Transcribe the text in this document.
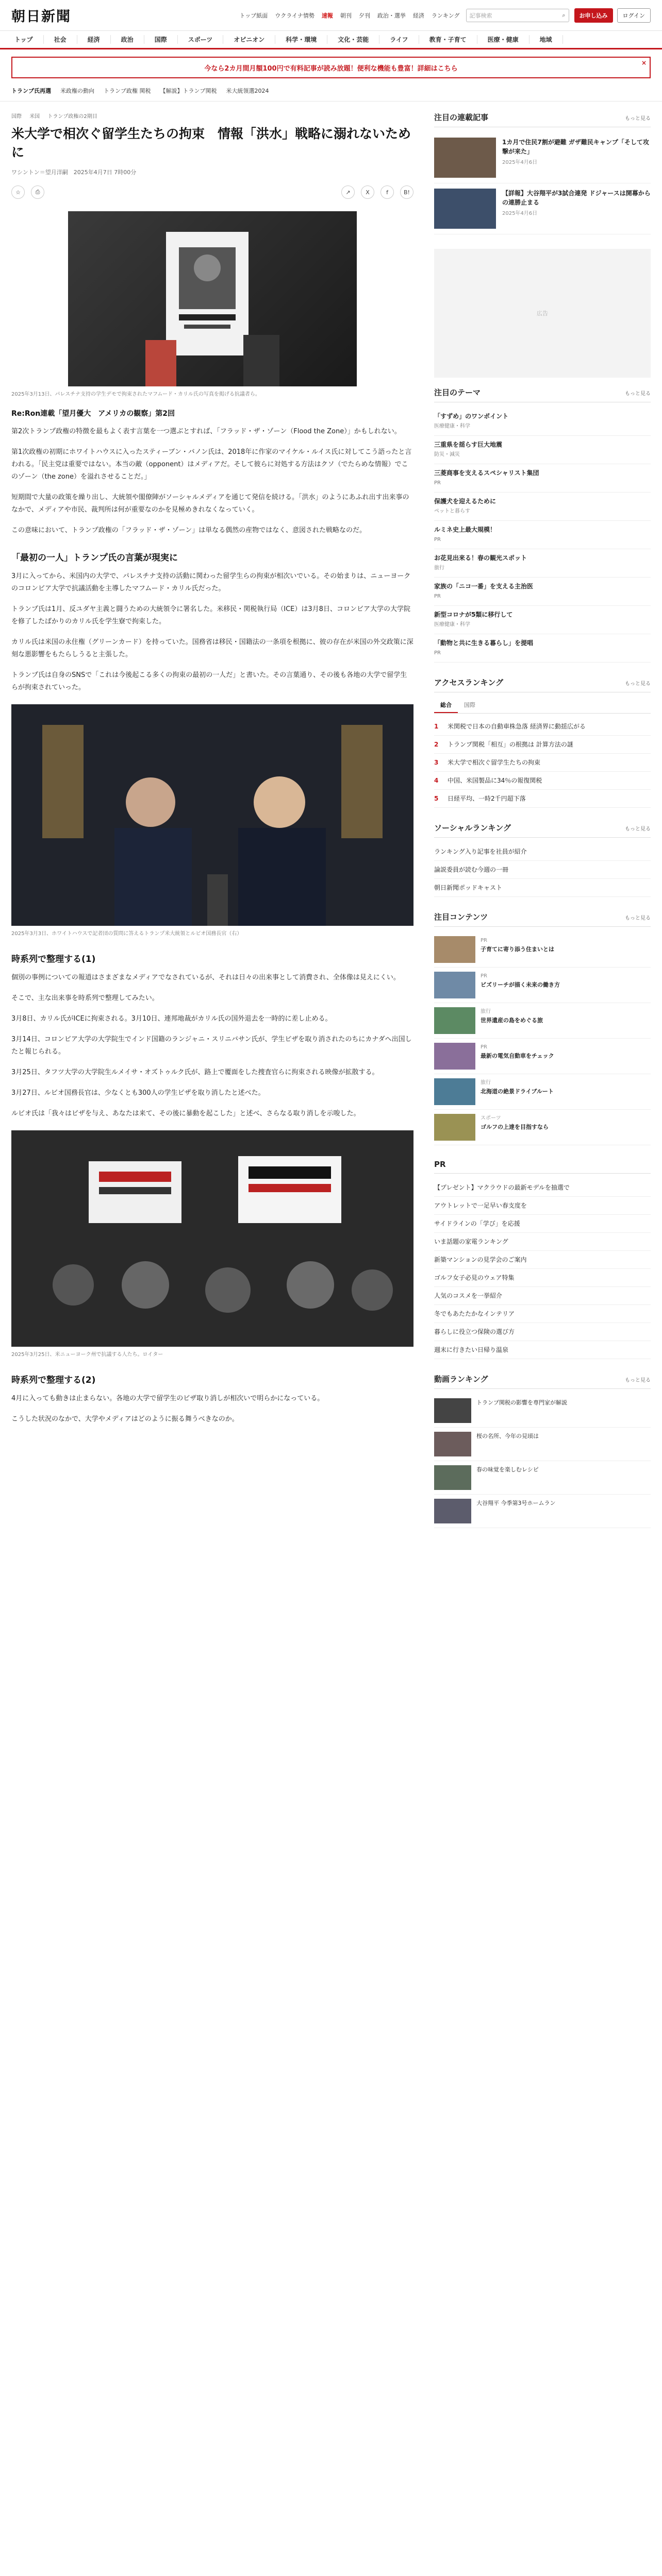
朝日新聞	トップ紙面 ウクライナ情勢 速報 朝刊 夕刊 政治・選挙 経済 ランキング 記事検索	⌕	お申し込み	ログイン
トップ	社会	経済	政治	国際	スポーツ	オピニオン	科学・環境	文化・芸能	ライフ	教育・子育て	医療・健康	地域
今なら2カ月間月額100円で有料記事が読み放題！便利な機能も豊富！詳細はこちら
×
トランプ氏再選 米政権の動向 トランプ政権 関税 【解説】トランプ関税 米大統領選2024
国際 米国 トランプ政権の2期目
米大学で相次ぐ留学生たちの拘束　情報「洪水」戦略に溺れないために
ワシントン＝望月洋嗣　2025年4月7日 7時00分
☆	⎙	↗	X	f	B!
2025年3月13日、パレスチナ支持の学生デモで拘束されたマフムード・カリル氏の写真を掲げる抗議者ら。
Re:Ron連載「望月優大　アメリカの観察」第2回

第2次トランプ政権の特徴を最もよく表す言葉を一つ選ぶとすれば、「フラッド・ザ・ゾーン（Flood the Zone）」かもしれない。

第1次政権の初期にホワイトハウスに入ったスティーブン・バノン氏は、2018年に作家のマイケル・ルイス氏に対してこう語ったと言われる。「民主党は重要ではない。本当の敵（opponent）はメディアだ。そして彼らに対処する方法はクソ（でたらめな情報）でこのゾーン（the zone）を溢れさせることだ。」

短期間で大量の政策を繰り出し、大統領や閣僚陣がソーシャルメディアを通じて発信を続ける。「洪水」のようにあふれ出す出来事のなかで、メディアや市民、裁判所は何が重要なのかを見極めきれなくなっていく。

この意味において、トランプ政権の「フラッド・ザ・ゾーン」は単なる偶然の産物ではなく、意図された戦略なのだ。

「最初の一人」トランプ氏の言葉が現実に

3月に入ってから、米国内の大学で、パレスチナ支持の活動に関わった留学生らの拘束が相次いでいる。その始まりは、ニューヨークのコロンビア大学で抗議活動を主導したマフムード・カリル氏だった。

トランプ氏は1月、反ユダヤ主義と闘うための大統領令に署名した。米移民・関税執行局（ICE）は3月8日、コロンビア大学の大学院を修了したばかりのカリル氏を学生寮で拘束した。

カリル氏は米国の永住権（グリーンカード）を持っていた。国務省は移民・国籍法の一条項を根拠に、彼の存在が米国の外交政策に深刻な悪影響をもたらしうると主張した。

トランプ氏は自身のSNSで「これは今後起こる多くの拘束の最初の一人だ」と書いた。その言葉通り、その後も各地の大学で留学生らが拘束されていった。

2025年3月3日、ホワイトハウスで記者団の質問に答えるトランプ米大統領とルビオ国務長官（右）
時系列で整理する(1)

個別の事例についての報道はさまざまなメディアでなされているが、それは日々の出来事として消費され、全体像は見えにくい。

そこで、主な出来事を時系列で整理してみたい。

3月8日、カリル氏がICEに拘束される。3月10日、連邦地裁がカリル氏の国外退去を一時的に差し止める。

3月14日、コロンビア大学の大学院生でインド国籍のランジャニ・スリニバサン氏が、学生ビザを取り消されたのちにカナダへ出国したと報じられる。

3月25日、タフツ大学の大学院生ルメイサ・オズトゥルク氏が、路上で覆面をした捜査官らに拘束される映像が拡散する。

3月27日、ルビオ国務長官は、少なくとも300人の学生ビザを取り消したと述べた。

ルビオ氏は「我々はビザを与え、あなたは来て、その後に暴動を起こした」と述べ、さらなる取り消しを示唆した。

2025年3月25日、米ニューヨーク州で抗議する人たち。ロイター
時系列で整理する(2)

4月に入っても動きは止まらない。各地の大学で留学生のビザ取り消しが相次いで明らかになっている。

こうした状況のなかで、大学やメディアはどのように振る舞うべきなのか。

注目の連載記事	もっと見る
1カ月で住民7割が避難 ガザ難民キャンプ「そして攻撃が来た」
2025年4月6日
【詳報】大谷翔平が3試合連発 ドジャースは開幕からの連勝止まる
2025年4月6日
広告
注目のテーマ	もっと見る
「すずめ」のワンポイント
医療健康・科学
三重県を揺らす巨大地震
防災・減災
三菱商事を支えるスペシャリスト集団
PR
保護犬を迎えるために
ペットと暮らす
ルミネ史上最大規模！
PR
お花見出来る！春の観光スポット
旅行
家族の「ニコ一番」を支える主治医
PR
新型コロナが5類に移行して
医療健康・科学
「動物と共に生きる暮らし」を提唱
PR
アクセスランキング	もっと見る
総合	国際
1	米関税で日本の自動車株急落 経済界に動揺広がる
2	トランプ関税「相互」の根拠は 計算方法の謎
3	米大学で相次ぐ留学生たちの拘束
4	中国、米国製品に34％の報復関税
5	日経平均、一時2千円超下落
ソーシャルランキング	もっと見る
ランキング入り記事を社員が紹介
論説委員が読む今週の一冊
朝日新聞ポッドキャスト
注目コンテンツ	もっと見る
PR
子育てに寄り添う住まいとは
PR
ビズリーチが描く未来の働き方
旅行
世界遺産の島をめぐる旅
PR
最新の電気自動車をチェック
旅行
北海道の絶景ドライブルート
スポーツ
ゴルフの上達を目指すなら
PR
【プレゼント】マクラウドの最新モデルを抽選で
アウトレットで一足早い春支度を
サイドラインの「学び」を応援
いま話題の家電ランキング
新築マンションの見学会のご案内
ゴルフ女子必見のウェア特集
人気のコスメを一挙紹介
冬でもあたたかなインテリア
暮らしに役立つ保険の選び方
週末に行きたい日帰り温泉
動画ランキング	もっと見る
トランプ関税の影響を専門家が解説
桜の名所、今年の見頃は
春の味覚を楽しむレシピ
大谷翔平 今季第3号ホームラン
